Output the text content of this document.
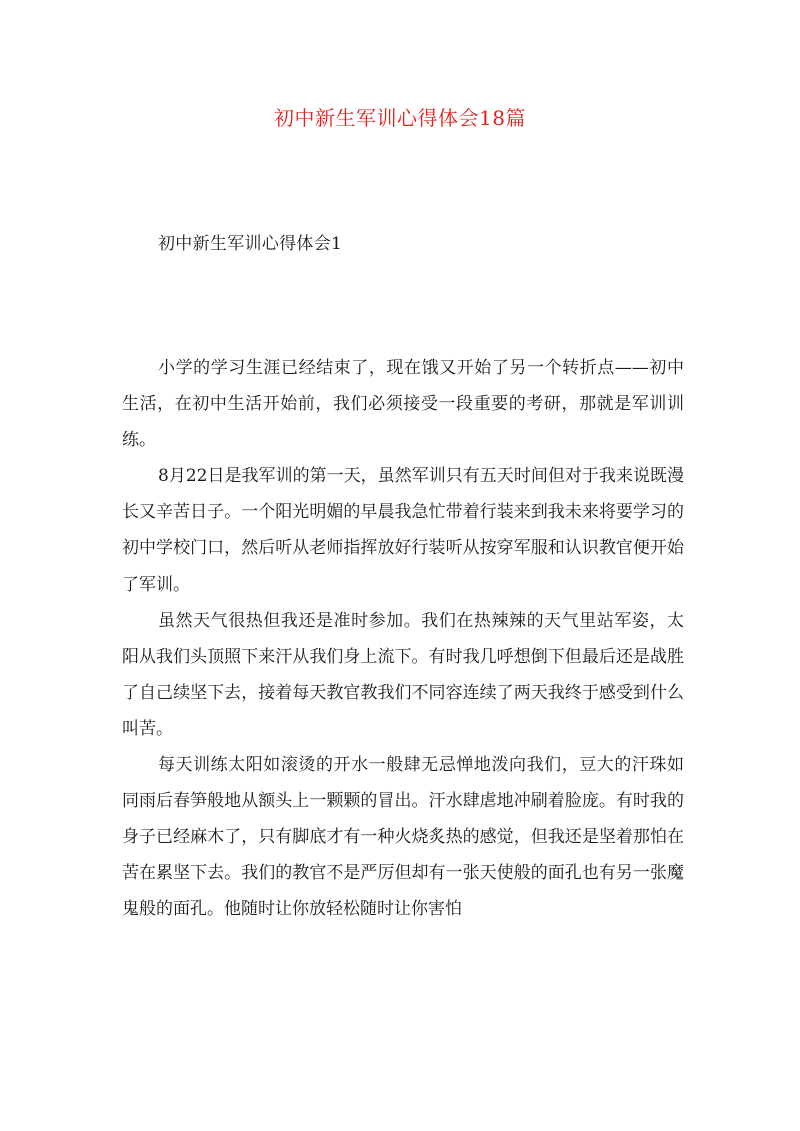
初中新生军训心得体会18篇
初中新生军训心得体会1

小学的学习生涯已经结束了，现在饿又开始了另一个转折点——初中生活，在初中生活开始前，我们必须接受一段重要的考研，那就是军训训练。

8月22日是我军训的第一天，虽然军训只有五天时间但对于我来说既漫长又辛苦日子。一个阳光明媚的早晨我急忙带着行装来到我未来将要学习的初中学校门口，然后听从老师指挥放好行装听从按穿军服和认识教官便开始了军训。

虽然天气很热但我还是准时参加。我们在热辣辣的天气里站军姿，太阳从我们头顶照下来汗从我们身上流下。有时我几呼想倒下但最后还是战胜了自己续坚下去，接着每天教官教我们不同容连续了两天我终于感受到什么叫苦。

每天训练太阳如滚烫的开水一般肆无忌惮地泼向我们，豆大的汗珠如同雨后春笋般地从额头上一颗颗的冒出。汗水肆虐地冲刷着脸庞。有时我的身子已经麻木了，只有脚底才有一种火烧炙热的感觉，但我还是坚着那怕在苦在累坚下去。我们的教官不是严厉但却有一张天使般的面孔也有另一张魔鬼般的面孔。他随时让你放轻松随时让你害怕
